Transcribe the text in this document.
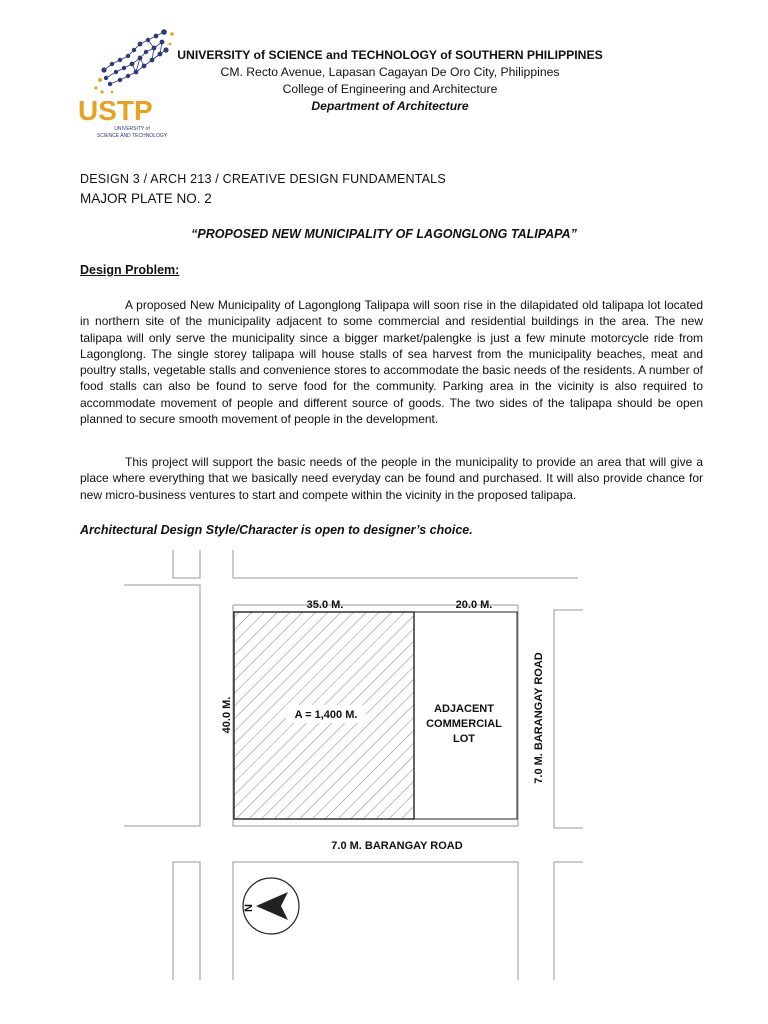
USTP
UNIVERSITY of
SCIENCE AND TECHNOLOGY
UNIVERSITY of SCIENCE and TECHNOLOGY of SOUTHERN PHILIPPINES
CM. Recto Avenue, Lapasan Cagayan De Oro City, Philippines
College of Engineering and Architecture
Department of Architecture
DESIGN 3 / ARCH 213 / CREATIVE DESIGN FUNDAMENTALS
MAJOR PLATE NO. 2
“PROPOSED NEW MUNICIPALITY OF LAGONGLONG TALIPAPA”
Design Problem:

A proposed New Municipality of Lagonglong Talipapa will soon rise in the dilapidated old talipapa lot located in northern site of the municipality adjacent to some commercial and residential buildings in the area. The new talipapa will only serve the municipality since a bigger market/palengke is just a few minute motorcycle ride from Lagonglong. The single storey talipapa will house stalls of sea harvest from the municipality beaches, meat and poultry stalls, vegetable stalls and convenience stores to accommodate the basic needs of the residents. A number of food stalls can also be found to serve food for the community. Parking area in the vicinity is also required to accommodate movement of people and different source of goods. The two sides of the talipapa should be open planned to secure smooth movement of people in the development.

This project will support the basic needs of the people in the municipality to provide an area that will give a place where everything that we basically need everyday can be found and purchased. It will also provide chance for new micro-business ventures to start and compete within the vicinity in the proposed talipapa.

Architectural Design Style/Character is open to designer’s choice.
A = 1,400 M.
35.0 M.	20.0 M.
40.0 M.	ADJACENT
COMMERCIAL
LOT	7.0 M. BARANGAY ROAD
7.0 M. BARANGAY ROAD
N
